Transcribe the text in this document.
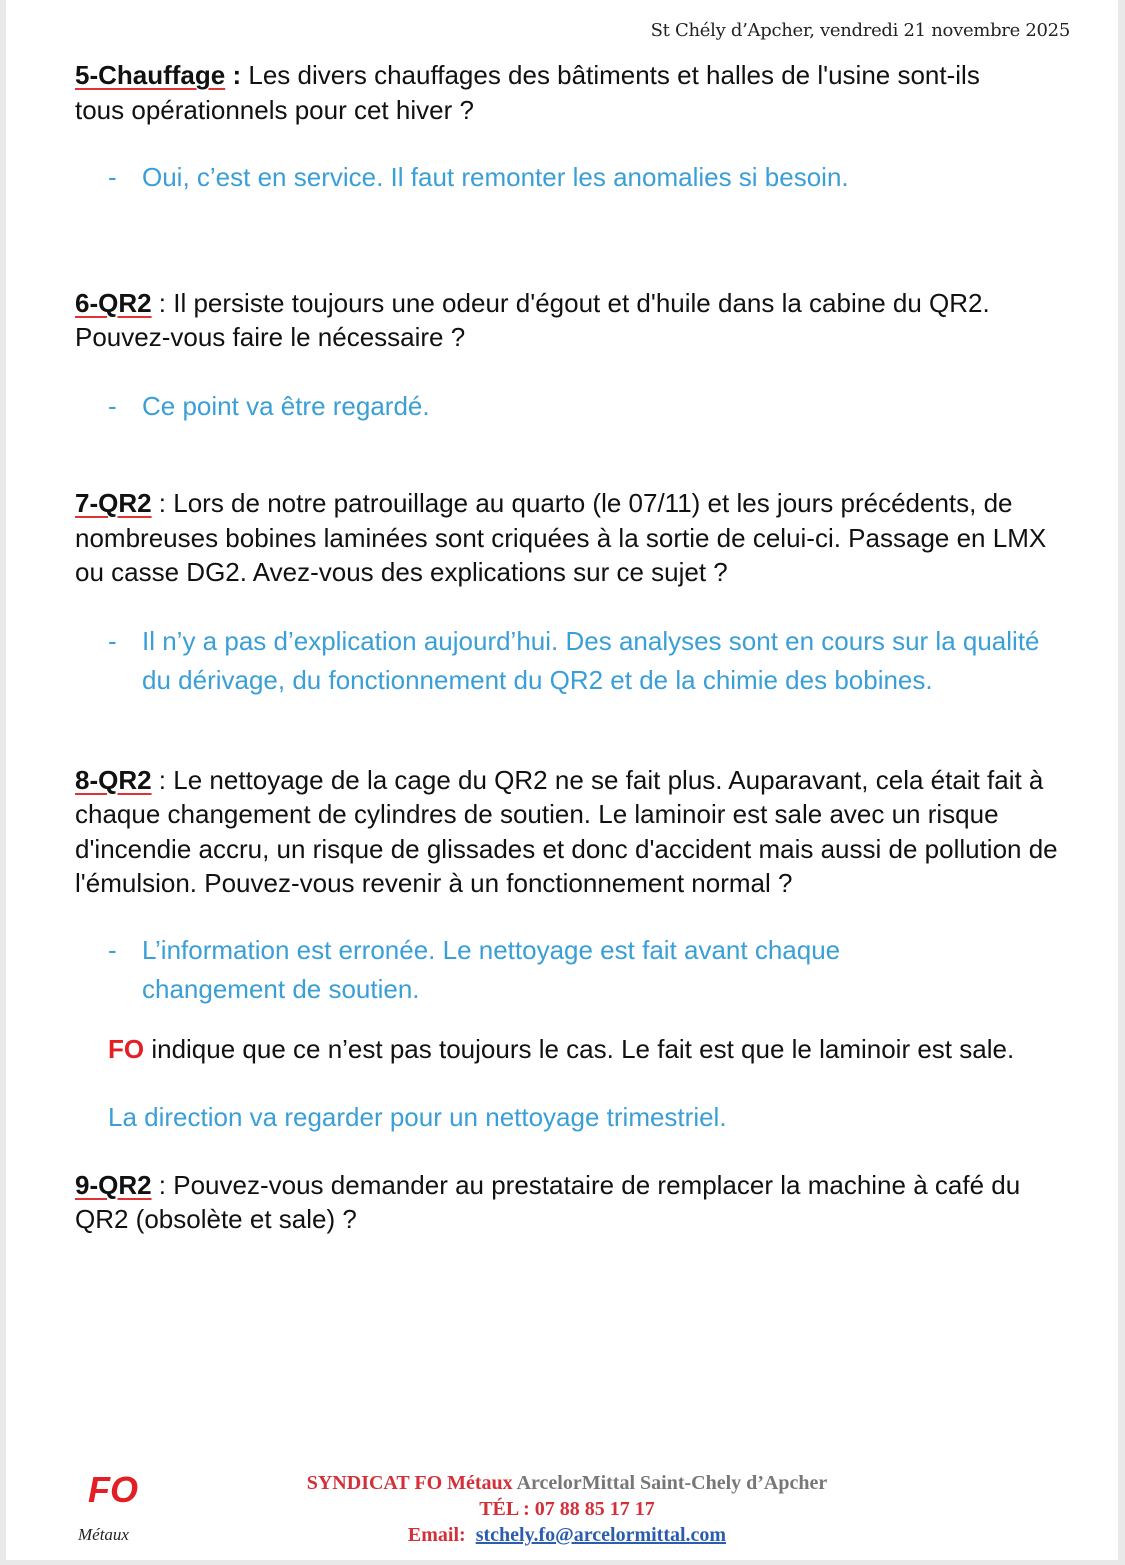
St Chély d’Apcher, vendredi 21 novembre 2025
5-Chauffage : Les divers chauffages des bâtiments et halles de l'usine sont-ils tous opérationnels pour cet hiver ?
- Oui, c’est en service. Il faut remonter les anomalies si besoin.
6-QR2 : Il persiste toujours une odeur d'égout et d'huile dans la cabine du QR2. Pouvez-vous faire le nécessaire ?
- Ce point va être regardé.
7-QR2 : Lors de notre patrouillage au quarto (le 07/11) et les jours précédents, de nombreuses bobines laminées sont criquées à la sortie de celui-ci. Passage en LMX ou casse DG2. Avez-vous des explications sur ce sujet ?
- Il n’y a pas d’explication aujourd’hui. Des analyses sont en cours sur la qualité du dérivage, du fonctionnement du QR2 et de la chimie des bobines.
8-QR2 : Le nettoyage de la cage du QR2 ne se fait plus. Auparavant, cela était fait à chaque changement de cylindres de soutien. Le laminoir est sale avec un risque d'incendie accru, un risque de glissades et donc d'accident mais aussi de pollution de l'émulsion. Pouvez-vous revenir à un fonctionnement normal ?
- L’information est erronée. Le nettoyage est fait avant chaque changement de soutien.
FO indique que ce n’est pas toujours le cas. Le fait est que le laminoir est sale.
La direction va regarder pour un nettoyage trimestriel.
9-QR2 : Pouvez-vous demander au prestataire de remplacer la machine à café du QR2 (obsolète et sale) ?
FO
Métaux
SYNDICAT FO Métaux ArcelorMittal Saint-Chely d’Apcher
TÉL : 07 88 85 17 17
Email:  stchely.fo@arcelormittal.com
